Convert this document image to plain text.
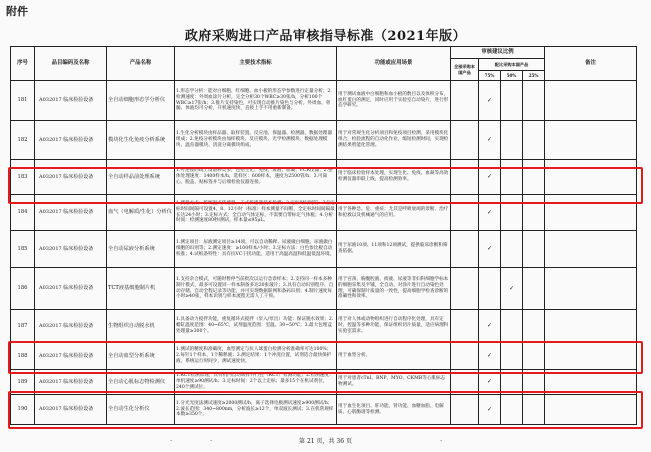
附件
政府采购进口产品审核指导标准（2021年版）
序号	品目编码及名称	产品名称	主要技术指标	功能或应用场景	审核建议比例				备注
					全部采购本国产品	配比采购本国产品			
						75%	50%	25%	
181	A032017 临床检验设备	全自动细胞形态学分析仪	1.形态学分析：能对白细胞、红细胞、血小板的形态学参数进行定量分析；2.检测速度：外周血涂片分析，完全分析30个WBC≥30张/h，分析100个WBC≥17张/h；3.推片支持染色，可实现自动推片染色与分析。外周血、骨髓、体液均可分析，开机速度快，直接上手不用重新制备。	用于测试血液中白细胞和血小板的数目以及体积分布，血红蛋白的测定，同时应用于实验室自动染片，进行形态学研究。		✓			
182	A032017 临床检验设备	模块化生化免疫分析系统	1.生化分析模块由样品器、取样装置、反应池、保温器、检测器、数据处理器组成；2.免疫分析模块由加样模块、反应模块、光学检测模块、数据处理模块、温育器模块、清洗分离模块组成。	用于对常规生化分析项目和免疫项目检测，采用模块化组合，检验流程的自动化作业，缩短检测时间，实现检测结果智能化管理。		✓			
183	A032017 临床检验设备	全自动样品前处理系统	1.可连接的线上设备种类多，包括生化、免疫、血液、血凝、PCR仪器；2.整体处理速度：1400样本/h，选样区：600样本，速度为2500管/h；3.可离心、脱盖、贴标签并与后端检验仪器连接。	用于临床检验样本处理，实现生化、免疫、血凝等高效检测仪器串联上线，提高检测效率。		✓			
184	A032017 临床检验设备	血气（电解质/生化）分析仪	1.测量方式：传统湿式传感器、干式传感器技术检测；2.定标时间间隔：2点定标时间间隔可设置4、8、12小时（标准）样本测量不间断，全定标时间间隔最长达24小时；3.定标方式：全自动气体定标，不需要自带标定气体瓶；4.分析时间：检测速度80秒/测试，样本量≤95μL。	用于各种急、危、重症；尤其是呼吸衰竭的诊断、治疗和抢救以及机械通气的应用。		✓			
185	A032017 临床检验设备	全自动尿液分析系统	1.测定项目：尿液测定项目≥14项，可以自动稀释、尿液做白细胞、尿液做白细胞的识别等；2.测定速度：≥100样本/小时；3.定标方法：白色参比板自动校准；4.试纸条特性：具有抗VC干扰功能，适用于高温高湿和低温低湿环境。	用于尿液10项、11项和12项测试，提供临床诊断和筛查依据。		✓			
186	A032017 临床检验设备	TCT液基细胞制片机	1.支持杂合模式，可随时暂停当前批次以运行急诊样本；2.支持同一样本多种制片模式，最多可设置同一样本制备多达20张玻片；3.具有自动识别程序、自动存储、自动全程记录等功能，并可实现数据联网和条码识别；4.制片速度每小时≥40张，样本识别与样本流程无需人工干预。	用于宫颈、胸腹腔液、痰液、尿液等非妇科细胞学标本的细胞采集及平铺，全自动、对涂片进行自动染色处理，可确保制片质量的一致性，提高细胞学检查诊断的准确性和效率。			✓		
187	A032017 临床检验设备	生物组织自动脱水机	1.具备动力搅拌功能，重复循环式搅拌（泵入/泵出）功能；保证脱水效果；2.蜡缸温度范围：40~65℃，试剂温度范围：室温、30~50℃；3.最大包埋盒处理量≥300个。	用于对人体或动物组织进行自动程序化处理，具有定时、控温等多种功能，保证组织切片质量，适应病理科实验室需求。		✓			
188	A032017 临床检验设备	全自动血型分析系统	1.测试的精度和准确度，血型测定与抗人球蛋白检测分析准确率可达100%；2.每针1个样本、1个稀释液；3.测定结果：1个冲洗位置，试剂适合最快保护液，系统运行时间少，测试速度快。	用于血型分析。		✓			
189	A032017 临床检验设备	全自动心肌标志物检测仪	1.RCT检测原理，具有机内自动吸样并行控（RCT）检测功能；2.检测速度：单机速度≥90测试/h；3.定标时间：2个以上定标；最多15个在机试剂位，240个测试位。	用于对患者cTnI、BNP、MYO、CKMB等心肌标志物测试。		✓			
190	A032017 临床检验设备	全自动生化分析仪	1.分光光度法测试速度≥2000测试/h，离子选择电极测试速度≥900测试/h；2.波长范围：340~800nm，分析波长≥12个，单双波长测试；3.在机常规样本数≥350个。	用于血生化项目、肝功能、肾功能、血糖血脂、电解质、心肌酶谱等检测。		✓			
·	·	·
第 21 页，共 36 页
